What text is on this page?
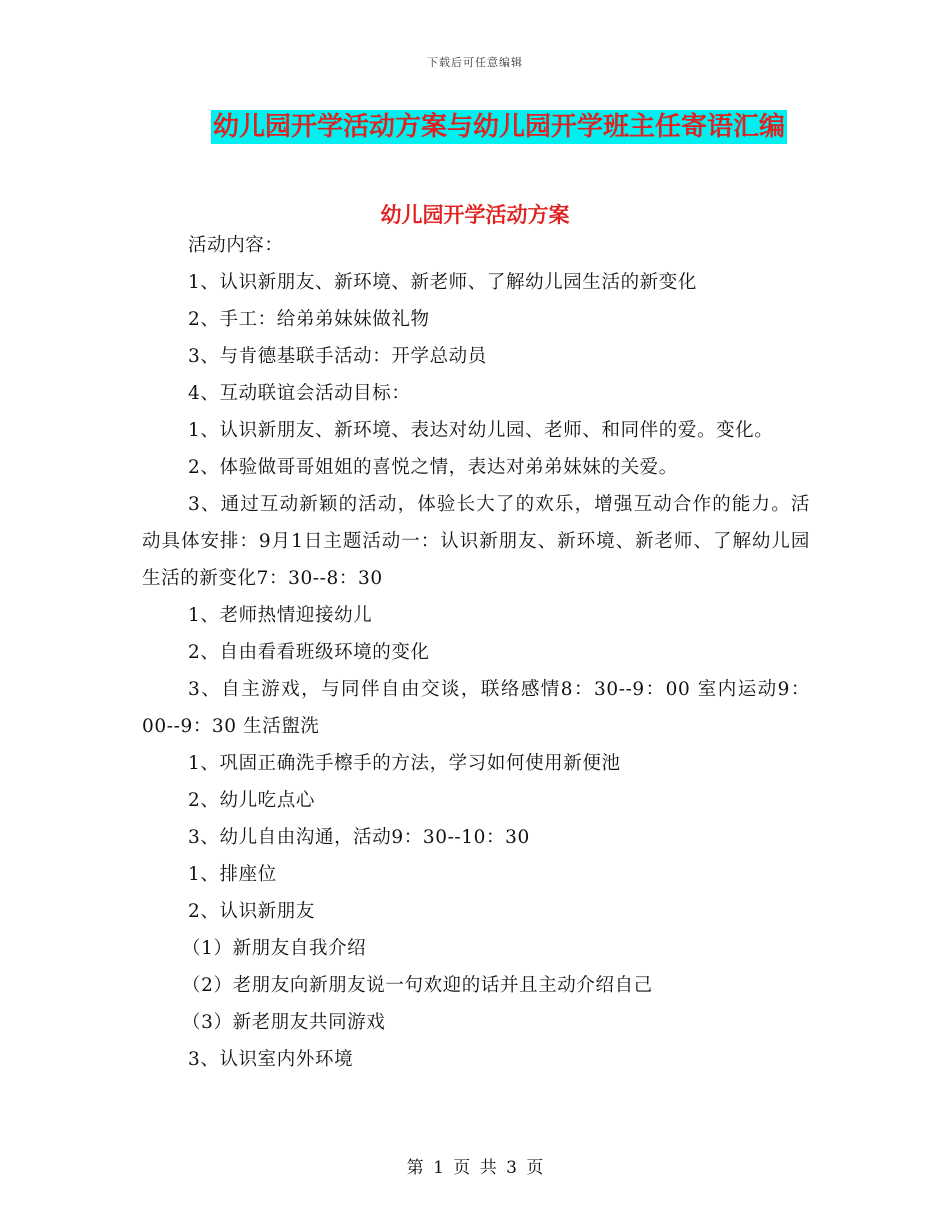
下载后可任意编辑
幼儿园开学活动方案与幼儿园开学班主任寄语汇编
幼儿园开学活动方案

活动内容：

1、认识新朋友、新环境、新老师、了解幼儿园生活的新变化

2、手工：给弟弟妹妹做礼物

3、与肯德基联手活动：开学总动员

4、互动联谊会活动目标：

1、认识新朋友、新环境、表达对幼儿园、老师、和同伴的爱。变化。

2、体验做哥哥姐姐的喜悦之情，表达对弟弟妹妹的关爱。

3、通过互动新颖的活动，体验长大了的欢乐，增强互动合作的能力。活动具体安排：9月1日主题活动一：认识新朋友、新环境、新老师、了解幼儿园生活的新变化7：30--8：30

1、老师热情迎接幼儿

2、自由看看班级环境的变化

3、自主游戏，与同伴自由交谈，联络感情8：30--9：00 室内运动9：00--9：30 生活盥洗

1、巩固正确洗手檫手的方法，学习如何使用新便池

2、幼儿吃点心

3、幼儿自由沟通，活动9：30--10：30

1、排座位

2、认识新朋友

（1）新朋友自我介绍

（2）老朋友向新朋友说一句欢迎的话并且主动介绍自己

（3）新老朋友共同游戏

3、认识室内外环境

第 1 页 共 3 页
